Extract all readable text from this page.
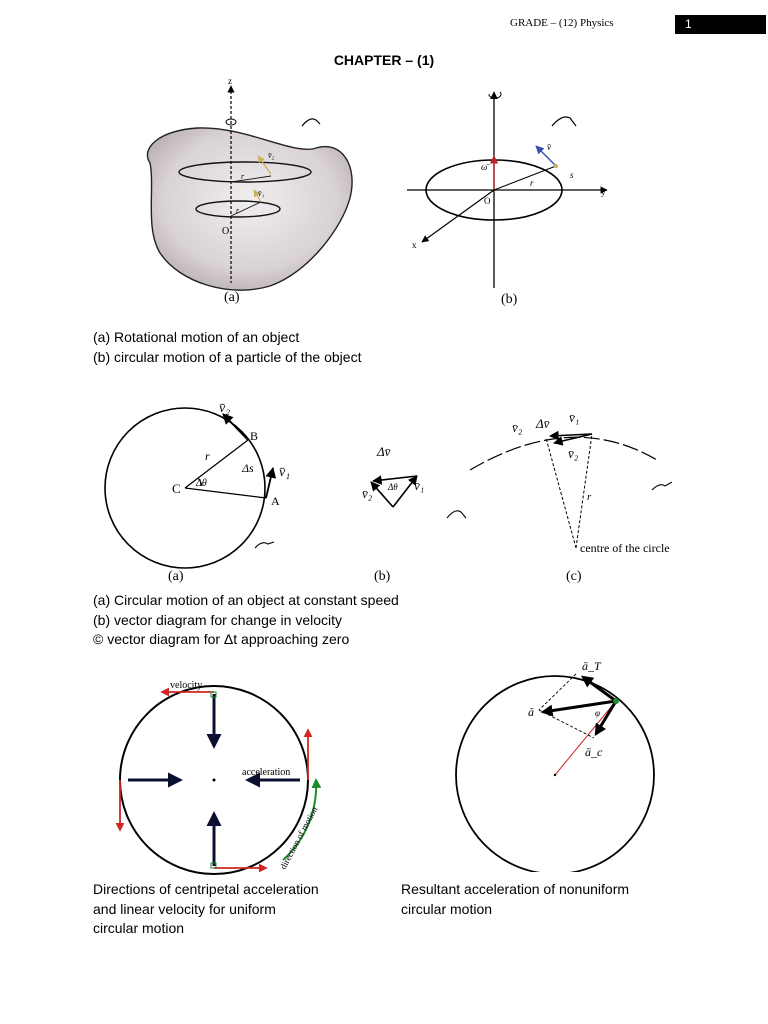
GRADE – (12) Physics	1
CHAPTER – (1)
z
O
v̄₂
v̄₁
r
r
(a)
ω̄
v̄
r
s
O
x
y
(b)
(a) Rotational motion of an object
(b) circular motion of a particle of the object
C
A
B
r
Δs
Δθ
v̄₁
v̄₂
(a)
Δv̄
Δθ v̄₁
v̄₂
(b)
v̄₂ Δv̄ v̄₁
v̄₂
r
centre of the circle
(c)
(a) Circular motion of an object at constant speed
(b) vector diagram for change in velocity
© vector diagram for Δt approaching zero
velocity
acceleration
direction of motion
ā_T
ā
ā_c
φ
Directions of centripetal acceleration
and linear velocity for uniform
circular motion
Resultant acceleration of nonuniform
circular motion
